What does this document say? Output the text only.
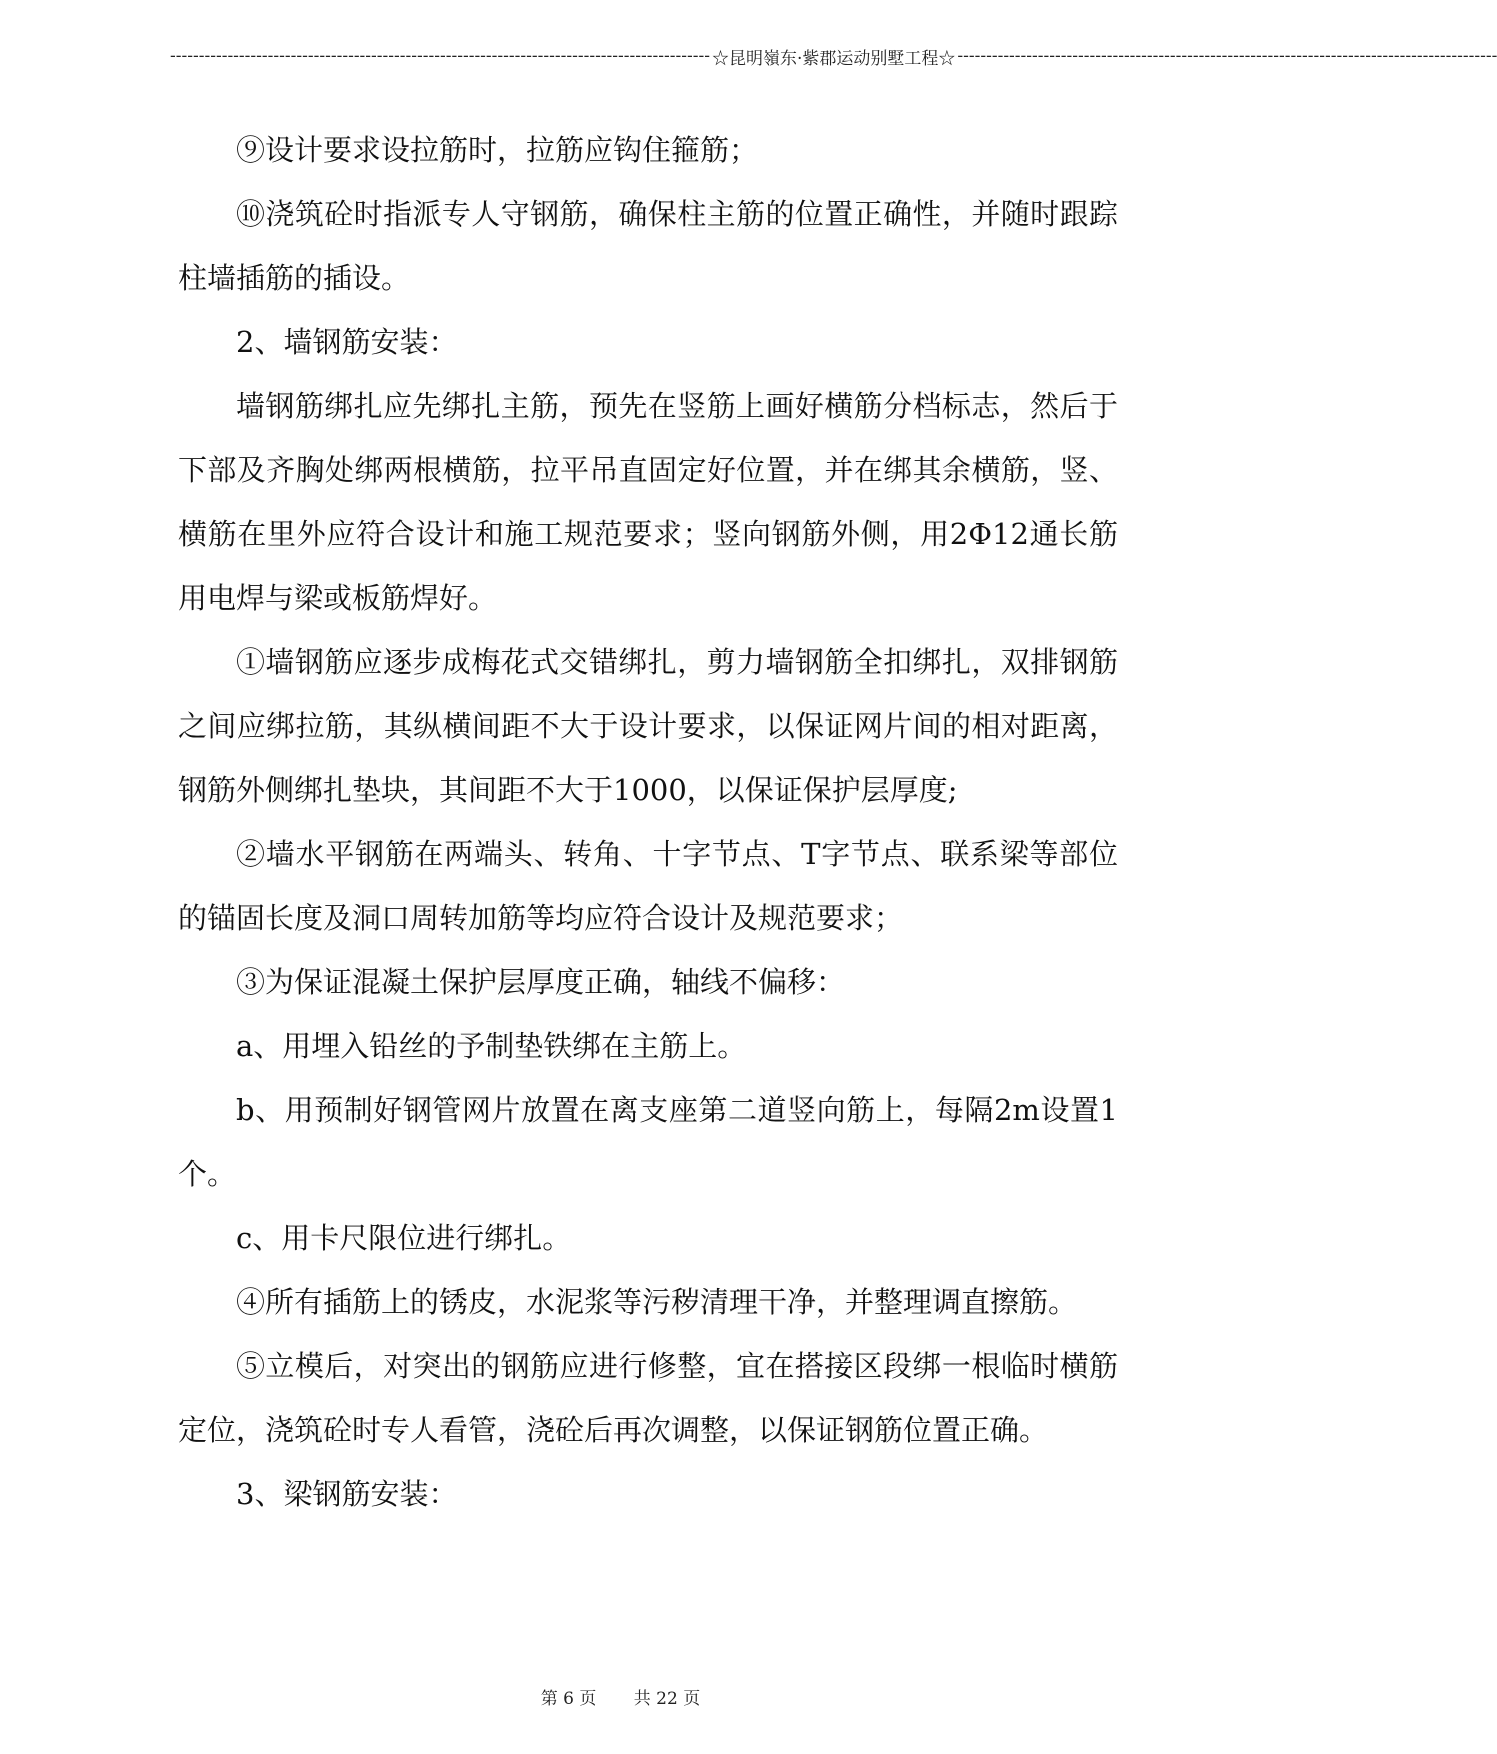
---------------------------------------------------------------------------------------------- ☆昆明嶺东·紫郡运动别墅工程☆ ----------------------------------------------------------------------------------------------

⑨设计要求设拉筋时，拉筋应钩住箍筋；

⑩浇筑砼时指派专人守钢筋，确保柱主筋的位置正确性，并随时跟踪柱墙插筋的插设。

2、墙钢筋安装：

墙钢筋绑扎应先绑扎主筋，预先在竖筋上画好横筋分档标志，然后于下部及齐胸处绑两根横筋，拉平吊直固定好位置，并在绑其余横筋，竖、横筋在里外应符合设计和施工规范要求；竖向钢筋外侧，用2Φ12通长筋用电焊与梁或板筋焊好。

①墙钢筋应逐步成梅花式交错绑扎，剪力墙钢筋全扣绑扎，双排钢筋之间应绑拉筋，其纵横间距不大于设计要求，以保证网片间的相对距离，钢筋外侧绑扎垫块，其间距不大于1000，以保证保护层厚度;

②墙水平钢筋在两端头、转角、十字节点、T字节点、联系梁等部位的锚固长度及洞口周转加筋等均应符合设计及规范要求；

③为保证混凝土保护层厚度正确，轴线不偏移：

a、用埋入铅丝的予制垫铁绑在主筋上。

b、用预制好钢管网片放置在离支座第二道竖向筋上，每隔2m设置1 个。

c、用卡尺限位进行绑扎。

④所有插筋上的锈皮，水泥浆等污秽清理干净，并整理调直擦筋。

⑤立模后，对突出的钢筋应进行修整，宜在搭接区段绑一根临时横筋定位，浇筑砼时专人看管，浇砼后再次调整，以保证钢筋位置正确。

3、梁钢筋安装：

第 6 页 共 22 页
